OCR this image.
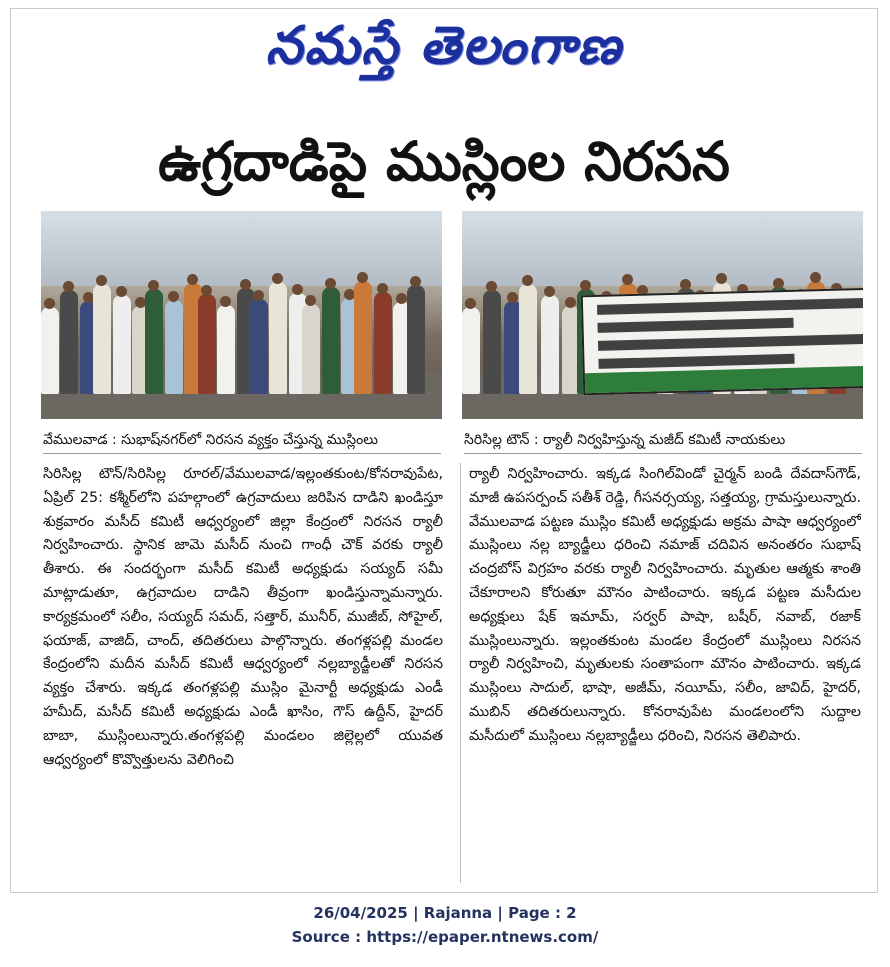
నమస్తే తెలంగాణ
ఉగ్రదాడిపై ముస్లింల నిరసన
వేములవాడ : సుభాష్‌నగర్‌లో నిరసన వ్యక్తం చేస్తున్న ముస్లింలు	సిరిసిల్ల టౌన్ : ర్యాలీ నిర్వహిస్తున్న మజీద్ కమిటీ నాయకులు

సిరిసిల్ల టౌన్/సిరిసిల్ల రూరల్/వేములవాడ/ఇల్లంతకుంట/కోనరావుపేట, ఏప్రిల్ 25: కశ్మీర్‌లోని పహల్గాంలో ఉగ్రవాదులు జరిపిన దాడిని ఖండిస్తూ శుక్రవారం మసీద్ కమిటీ ఆధ్వర్యంలో జిల్లా కేంద్రంలో నిరసన ర్యాలీ నిర్వహించారు. స్థానిక జామె మసీద్ నుంచి గాంధీ చౌక్ వరకు ర్యాలీ తీశారు. ఈ సందర్భంగా మసీద్ కమిటీ అధ్యక్షుడు సయ్యద్ సమీ మాట్లాడుతూ, ఉగ్రవాదుల దాడిని తీవ్రంగా ఖండిస్తున్నామన్నారు. కార్యక్రమంలో సలీం, సయ్యద్ సమద్, సత్తార్, మునీర్, ముజీబ్, సోహైల్, ఫయాజ్, వాజిద్, చాంద్, తదితరులు పాల్గొన్నారు. తంగళ్లపల్లి మండల కేంద్రంలోని మదీన మసీద్ కమిటీ ఆధ్వర్యంలో నల్లబ్యాడ్జీలతో నిరసన వ్యక్తం చేశారు. ఇక్కడ తంగళ్లపల్లి ముస్లిం మైనార్టీ అధ్యక్షుడు ఎండీ హమీద్, మసీద్ కమిటీ అధ్యక్షుడు ఎండీ ఖాసిం, గౌస్ ఉద్దీన్, హైదర్ బాబా, ముస్లింలున్నారు.తంగళ్లపల్లి మండలం జిల్లెల్లలో యువత ఆధ్వర్యంలో కొవ్వొత్తులను వెలిగించి

ర్యాలీ నిర్వహించారు. ఇక్కడ సింగిల్‌విండో చైర్మన్ బండి దేవదాస్‌గౌడ్, మాజీ ఉపసర్పంచ్ సతీశ్ రెడ్డి, గీసనర్సయ్య, సత్తయ్య, గ్రామస్తులున్నారు. వేములవాడ పట్టణ ముస్లిం కమిటీ అధ్యక్షుడు అక్రమ పాషా ఆధ్వర్యంలో ముస్లింలు నల్ల బ్యాడ్జీలు ధరించి నమాజ్ చదివిన అనంతరం సుభాష్ చంద్రబోస్ విగ్రహం వరకు ర్యాలీ నిర్వహించారు. మృతుల ఆత్మకు శాంతి చేకూరాలని కోరుతూ మౌనం పాటించారు. ఇక్కడ పట్టణ మసీదుల అధ్యక్షులు షేక్ ఇమామ్, సర్వర్ పాషా, బషీర్, నవాబ్, రజాక్ ముస్లింలున్నారు. ఇల్లంతకుంట మండల కేంద్రంలో ముస్లింలు నిరసన ర్యాలీ నిర్వహించి, మృతులకు సంతాపంగా మౌనం పాటించారు. ఇక్కడ ముస్లింలు సాదుల్, భాషా, అజీమ్, నయీమ్, సలీం, జావిద్, హైదర్, ముబిన్ తదితరులున్నారు. కోనరావుపేట మండలంలోని సుద్దాల మసీదులో ముస్లింలు నల్లబ్యాడ్జీలు ధరించి, నిరసన తెలిపారు.

26/04/2025 | Rajanna | Page : 2
Source : https://epaper.ntnews.com/
